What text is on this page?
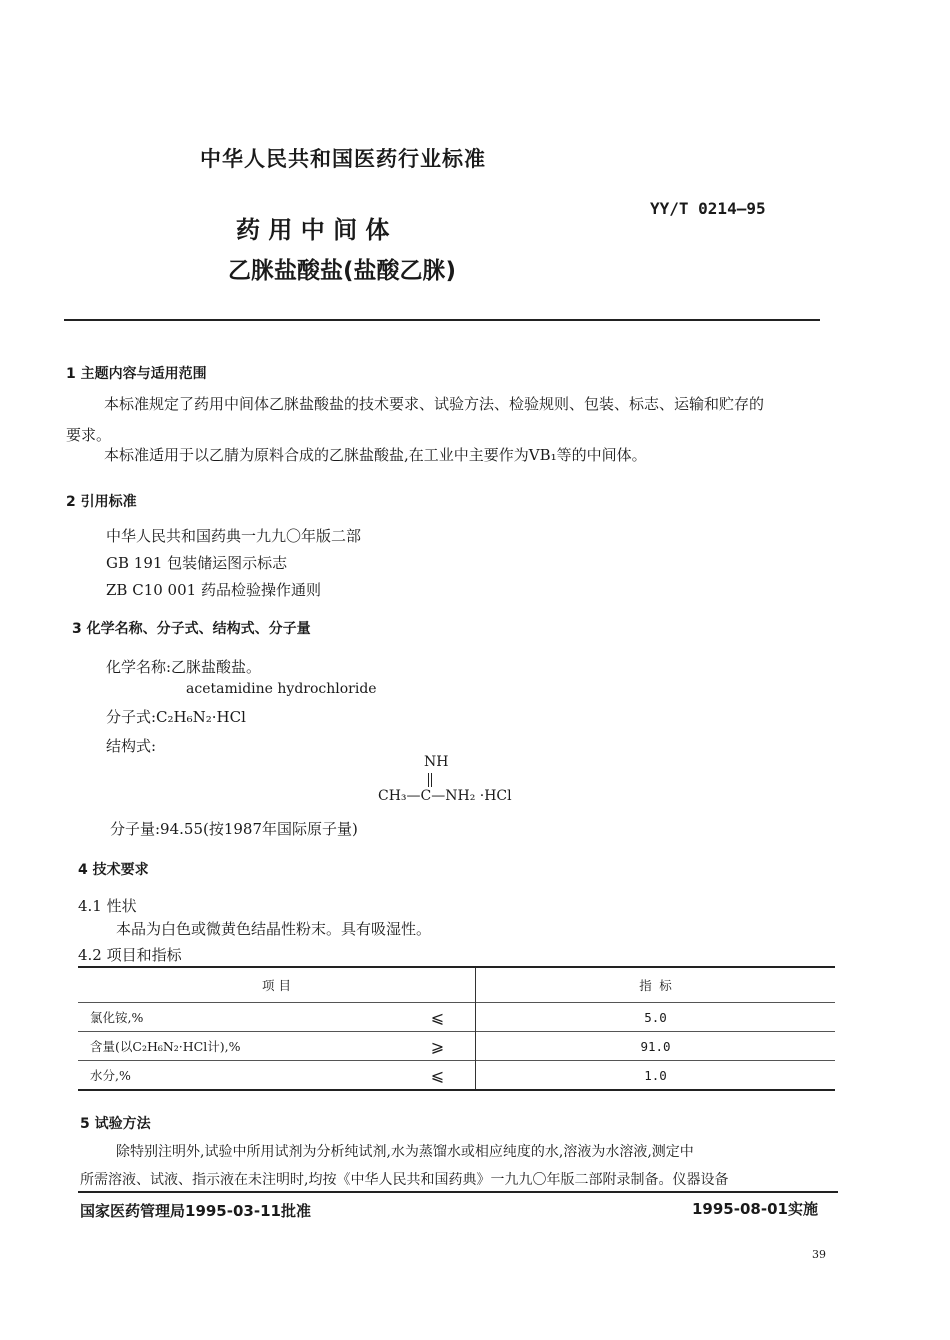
中华人民共和国医药行业标准
药 用 中 间 体
乙脒盐酸盐(盐酸乙脒)
YY/T 0214—95
1 主题内容与适用范围
本标准规定了药用中间体乙脒盐酸盐的技术要求、试验方法、检验规则、包装、标志、运输和贮存的
要求。
本标准适用于以乙腈为原料合成的乙脒盐酸盐,在工业中主要作为VB₁等的中间体。
2 引用标准
中华人民共和国药典一九九〇年版二部
GB 191 包装储运图示标志
ZB C10 001 药品检验操作通则
3 化学名称、分子式、结构式、分子量
化学名称:乙脒盐酸盐。
acetamidine hydrochloride
分子式:C₂H₆N₂·HCl
结构式:
NH
CH₃—C—NH₂ ·HCl
分子量:94.55(按1987年国际原子量)
4 技术要求
4.1 性状
本品为白色或微黄色结晶性粉末。具有吸湿性。
4.2 项目和指标
项 目		指 标
氯化铵,%	⩽	5.0
含量(以C₂H₆N₂·HCl计),%	⩾	91.0
水分,%	⩽	1.0
5 试验方法
除特别注明外,试验中所用试剂为分析纯试剂,水为蒸馏水或相应纯度的水,溶液为水溶液,测定中
所需溶液、试液、指示液在未注明时,均按《中华人民共和国药典》一九九〇年版二部附录制备。仪器设备
国家医药管理局1995-03-11批准	1995-08-01实施
39
